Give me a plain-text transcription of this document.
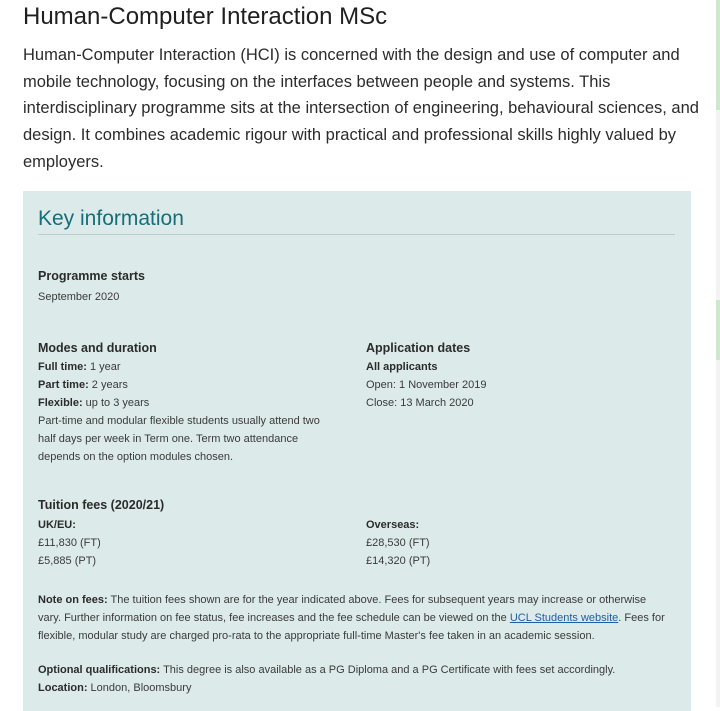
Human-Computer Interaction MSc

Human-Computer Interaction (HCI) is concerned with the design and use of computer and mobile technology, focusing on the interfaces between people and systems. This interdisciplinary programme sits at the intersection of engineering, behavioural sciences, and design. It combines academic rigour with practical and professional skills highly valued by employers.

Key information
Programme starts
September 2020
Modes and duration
Full time: 1 year
Part time: 2 years
Flexible: up to 3 years
Part-time and modular flexible students usually attend two half days per week in Term one. Term two attendance depends on the option modules chosen.
Application dates
All applicants
Open: 1 November 2019
Close: 13 March 2020
Tuition fees (2020/21)
UK/EU:
£11,830 (FT)
£5,885 (PT)
Overseas:
£28,530 (FT)
£14,320 (PT)
Note on fees: The tuition fees shown are for the year indicated above. Fees for subsequent years may increase or otherwise vary. Further information on fee status, fee increases and the fee schedule can be viewed on the UCL Students website. Fees for flexible, modular study are charged pro-rata to the appropriate full-time Master's fee taken in an academic session.
Optional qualifications: This degree is also available as a PG Diploma and a PG Certificate with fees set accordingly.
Location: London, Bloomsbury
